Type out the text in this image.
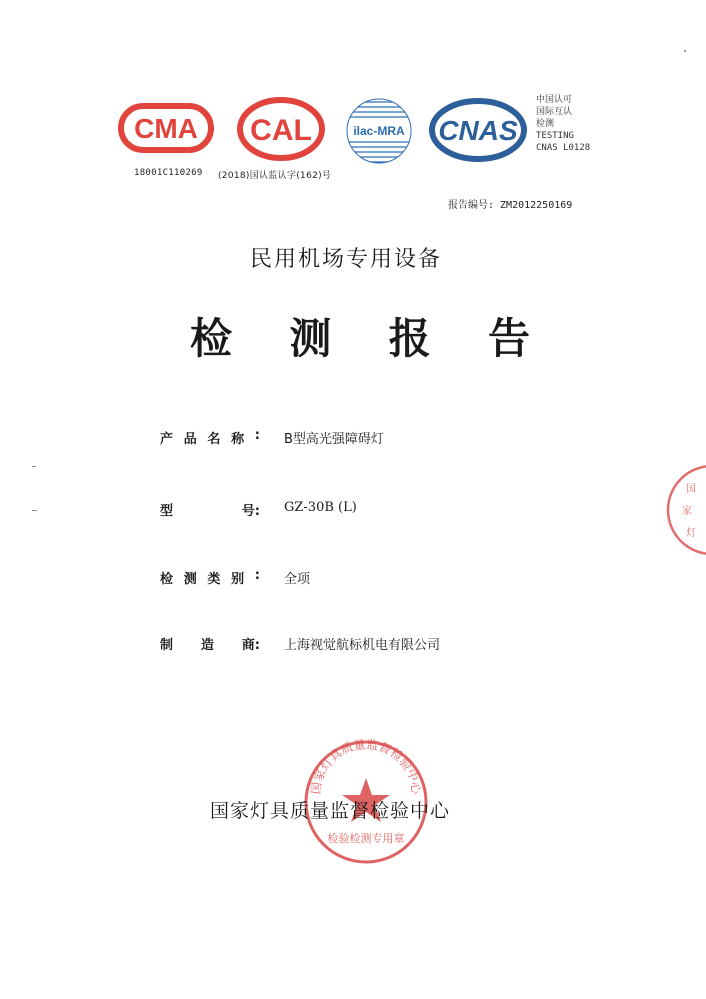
CMA
18001C110269
CAL
(2018)国认监认字(162)号
ilac-MRA CNAS
中国认可
国际互认
检测
TESTING
CNAS L0128
报告编号: ZM2012250169
民用机场专用设备
检 测 报 告
产 品 名 称 : B型高光强障碍灯
型	号: GZ-30B (L)
检 测 类 别 : 全项
制 造 商: 上海视觉航标机电有限公司
国家灯具质量监督检验中心
检验检测专用章
国家灯具质量监督检验中心
国
家
灯
